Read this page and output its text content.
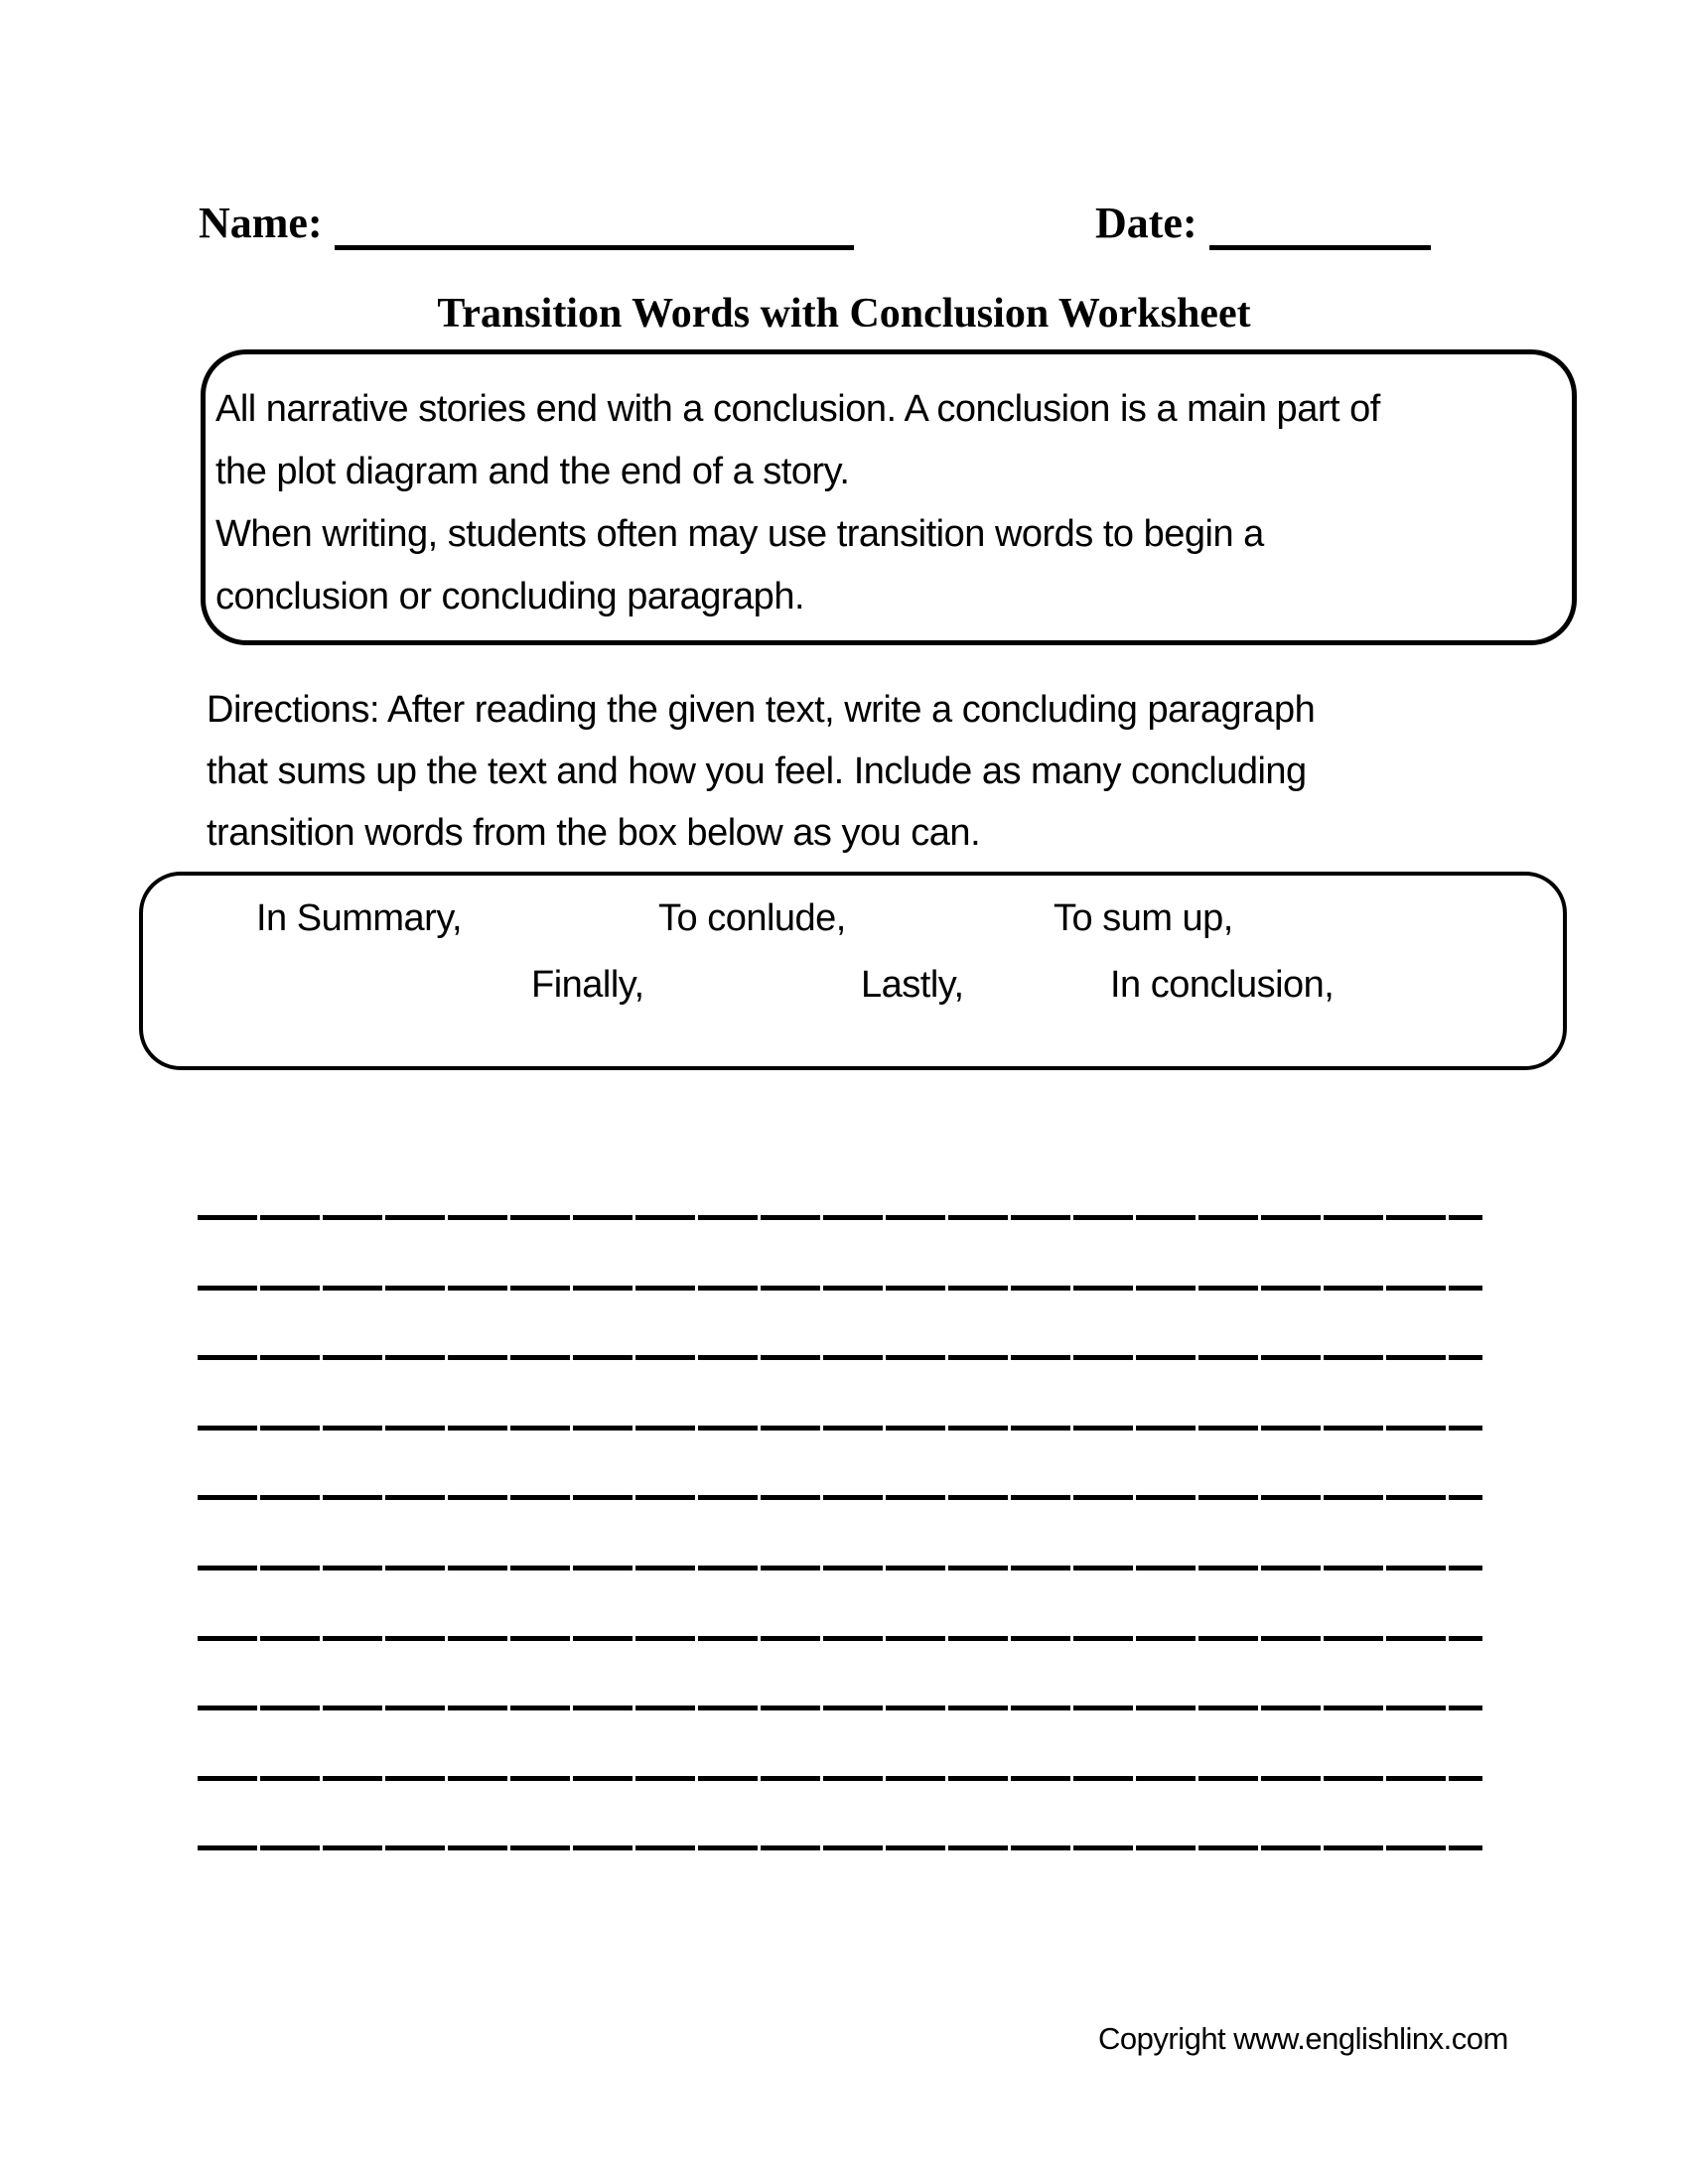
Name:	Date:
Transition Words with Conclusion Worksheet
All narrative stories end with a conclusion. A conclusion is a main part of
the plot diagram and the end of a story.
When writing, students often may use transition words to begin a
conclusion or concluding paragraph.
Directions: After reading the given text, write a concluding paragraph
that sums up the text and how you feel. Include as many concluding
transition words from the box below as you can.
In Summary,	To conlude,	To sum up,
Finally,	Lastly,	In conclusion,
Copyright www.englishlinx.com
